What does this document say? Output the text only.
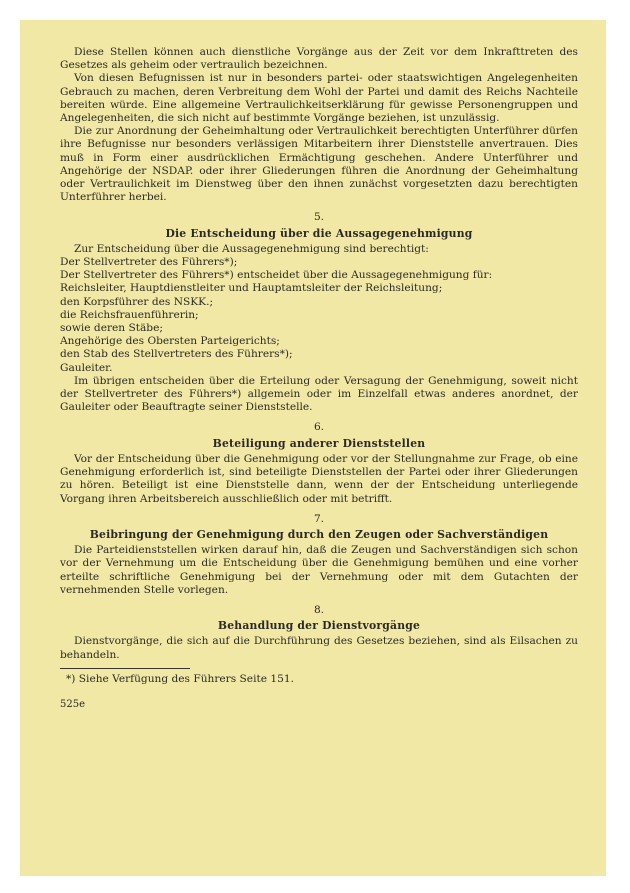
Diese Stellen können auch dienstliche Vorgänge aus der Zeit vor dem Inkrafttreten des Gesetzes als geheim oder vertraulich bezeichnen.

Von diesen Befugnissen ist nur in besonders partei- oder staatswichtigen Angelegenheiten Gebrauch zu machen, deren Verbreitung dem Wohl der Partei und damit des Reichs Nachteile bereiten würde. Eine allgemeine Vertraulichkeitserklärung für gewisse Personengruppen und Angelegenheiten, die sich nicht auf bestimmte Vorgänge beziehen, ist unzulässig.

Die zur Anordnung der Geheimhaltung oder Vertraulichkeit berechtigten Unterführer dürfen ihre Befugnisse nur besonders verlässigen Mitarbeitern ihrer Dienststelle anvertrauen. Dies muß in Form einer ausdrücklichen Ermächtigung geschehen. Andere Unterführer und Angehörige der NSDAP. oder ihrer Gliederungen führen die Anordnung der Geheimhaltung oder Vertraulichkeit im Dienstweg über den ihnen zunächst vorgesetzten dazu berechtigten Unterführer herbei.

5.
Die Entscheidung über die Aussagegenehmigung

Zur Entscheidung über die Aussagegenehmigung sind berechtigt:

Der Stellvertreter des Führers*);

Der Stellvertreter des Führers*) entscheidet über die Aussagegenehmigung für:

Reichsleiter, Hauptdienstleiter und Hauptamtsleiter der Reichsleitung;

den Korpsführer des NSKK.;

die Reichsfrauenführerin;

sowie deren Stäbe;

Angehörige des Obersten Parteigerichts;

den Stab des Stellvertreters des Führers*);

Gauleiter.

Im übrigen entscheiden über die Erteilung oder Versagung der Genehmigung, soweit nicht der Stellvertreter des Führers*) allgemein oder im Einzelfall etwas anderes anordnet, der Gauleiter oder Beauftragte seiner Dienststelle.

6.
Beteiligung anderer Dienststellen

Vor der Entscheidung über die Genehmigung oder vor der Stellungnahme zur Frage, ob eine Genehmigung erforderlich ist, sind beteiligte Dienststellen der Partei oder ihrer Gliederungen zu hören. Beteiligt ist eine Dienststelle dann, wenn der der Entscheidung unterliegende Vorgang ihren Arbeitsbereich ausschließlich oder mit betrifft.

7.
Beibringung der Genehmigung durch den Zeugen oder Sachverständigen

Die Parteidienststellen wirken darauf hin, daß die Zeugen und Sachverständigen sich schon vor der Vernehmung um die Entscheidung über die Genehmigung bemühen und eine vorher erteilte schriftliche Genehmigung bei der Vernehmung oder mit dem Gutachten der vernehmenden Stelle vorlegen.

8.
Behandlung der Dienstvorgänge

Dienstvorgänge, die sich auf die Durchführung des Gesetzes beziehen, sind als Eilsachen zu behandeln.

*) Siehe Verfügung des Führers Seite 151.

525e
